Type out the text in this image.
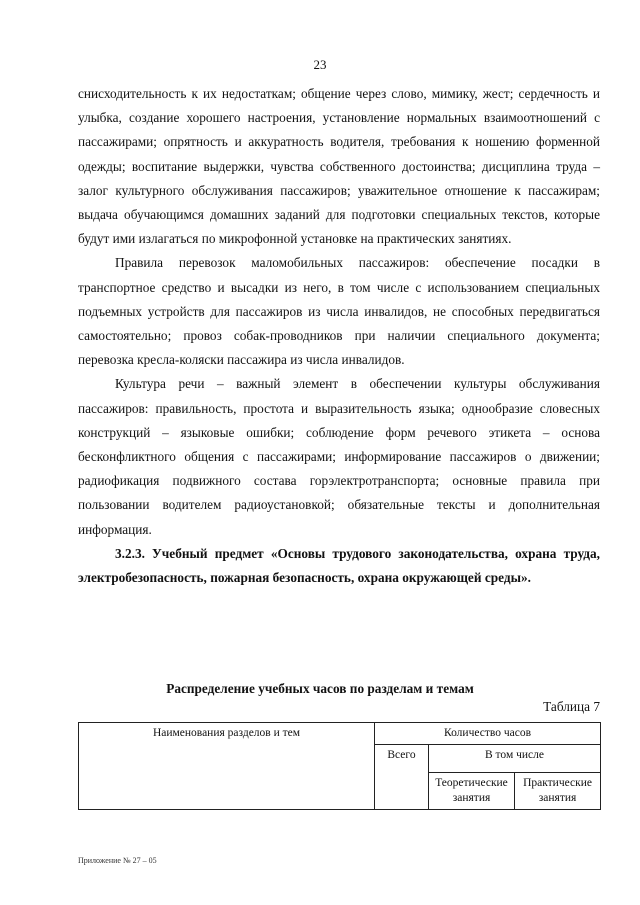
23

снисходительность к их недостаткам; общение через слово, мимику, жест; сердечность и улыбка, создание хорошего настроения, установление нормальных взаимоотношений с пассажирами; опрятность и аккуратность водителя, требования к ношению форменной одежды; воспитание выдержки, чувства собственного достоинства; дисциплина труда – залог культурного обслуживания пассажиров; уважительное отношение к пассажирам; выдача обучающимся домашних заданий для подготовки специальных текстов, которые будут ими излагаться по микрофонной установке на практических занятиях.

Правила перевозок маломобильных пассажиров: обеспечение посадки в транспортное средство и высадки из него, в том числе с использованием специальных подъемных устройств для пассажиров из числа инвалидов, не способных передвигаться самостоятельно; провоз собак-проводников при наличии специального документа; перевозка кресла-коляски пассажира из числа инвалидов.

Культура речи – важный элемент в обеспечении культуры обслуживания пассажиров: правильность, простота и выразительность языка; однообразие словесных конструкций – языковые ошибки; соблюдение форм речевого этикета – основа бесконфликтного общения с пассажирами; информирование пассажиров о движении; радиофикация подвижного состава горэлектротранспорта; основные правила при пользовании водителем радиоустановкой; обязательные тексты и дополнительная информация.

3.2.3. Учебный предмет «Основы трудового законодательства, охрана труда, электробезопасность, пожарная безопасность, охрана окружающей среды».

Распределение учебных часов по разделам и темам
Таблица 7
Наименования разделов и тем	Количество часов		
	Всего	В том числе	
		Теоретические занятия	Практические занятия
Приложение № 27 – 05
